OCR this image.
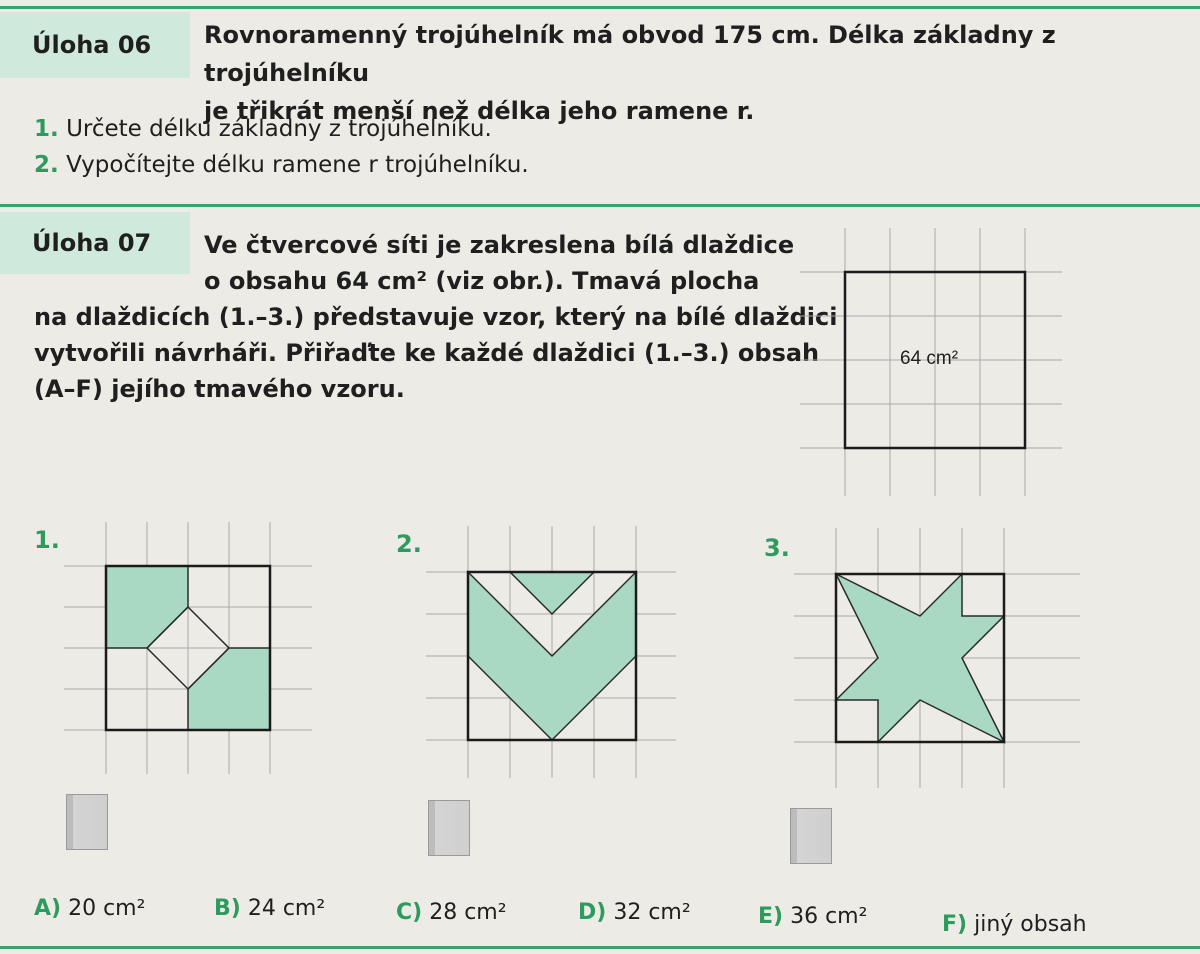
Úloha 06	Rovnoramenný trojúhelník má obvod 175 cm. Délka základny z trojúhelníku
je třikrát menší než délka jeho ramene r.
1. Určete délku základny z trojúhelníku.
2. Vypočítejte délku ramene r trojúhelníku.
Úloha 07	Ve čtvercové síti je zakreslena bílá dlaždice
o obsahu 64 cm² (viz obr.). Tmavá plocha
na dlaždicích (1.–3.) představuje vzor, který na bílé dlaždici
vytvořili návrháři. Přiřaďte ke každé dlaždici (1.–3.) obsah
(A–F) jejího tmavého vzoru.
64 cm²
1.	2.	3.
A) 20 cm²	B) 24 cm²	C) 28 cm²	D) 32 cm²	E) 36 cm²	F) jiný obsah
